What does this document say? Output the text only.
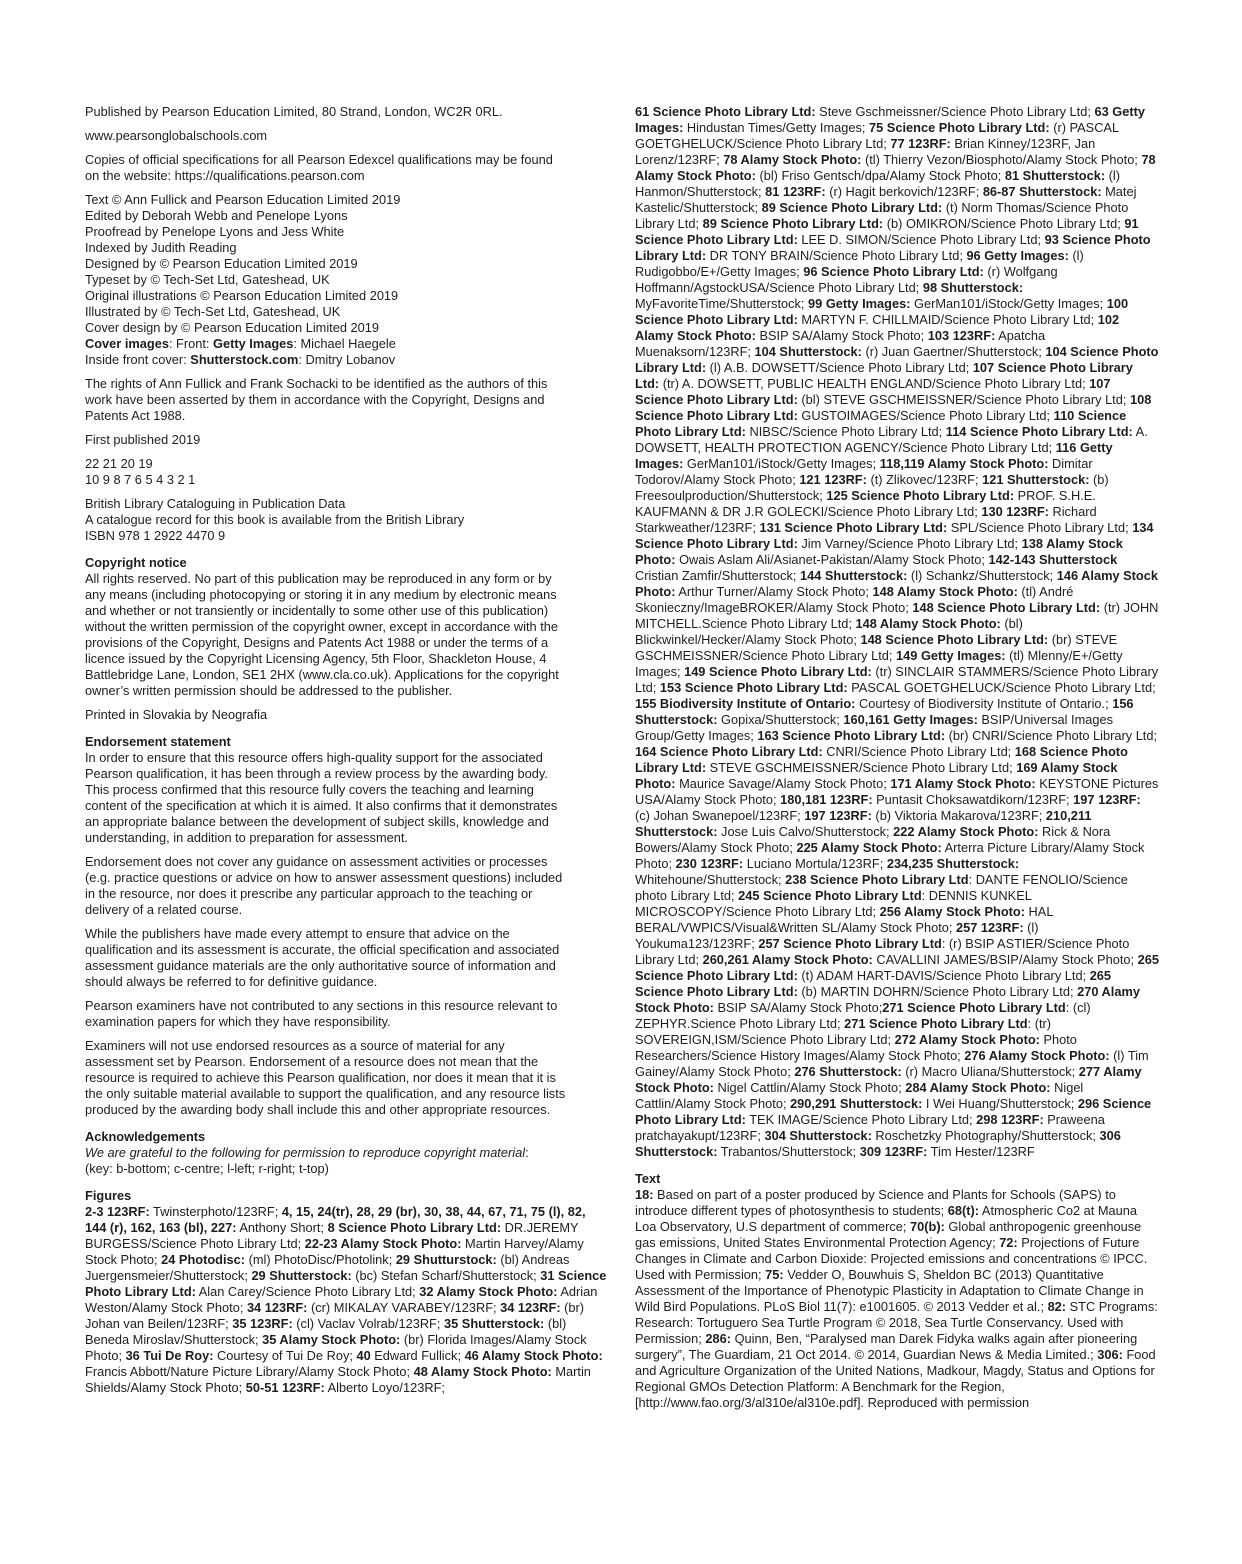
Published by Pearson Education Limited, 80 Strand, London, WC2R 0RL.

www.pearsonglobalschools.com

Copies of official specifications for all Pearson Edexcel qualifications may be found
on the website: https://qualifications.pearson.com
Text © Ann Fullick and Pearson Education Limited 2019
Edited by Deborah Webb and Penelope Lyons
Proofread by Penelope Lyons and Jess White
Indexed by Judith Reading
Designed by © Pearson Education Limited 2019
Typeset by © Tech-Set Ltd, Gateshead, UK
Original illustrations © Pearson Education Limited 2019
Illustrated by © Tech-Set Ltd, Gateshead, UK
Cover design by © Pearson Education Limited 2019
Cover images: Front: Getty Images: Michael Haegele
Inside front cover: Shutterstock.com: Dmitry Lobanov
The rights of Ann Fullick and Frank Sochacki to be identified as the authors of this
work have been asserted by them in accordance with the Copyright, Designs and
Patents Act 1988.

First published 2019

22 21 20 19
10 9 8 7 6 5 4 3 2 1
British Library Cataloguing in Publication Data
A catalogue record for this book is available from the British Library
ISBN 978 1 2922 4470 9
Copyright notice
All rights reserved. No part of this publication may be reproduced in any form or by
any means (including photocopying or storing it in any medium by electronic means
and whether or not transiently or incidentally to some other use of this publication)
without the written permission of the copyright owner, except in accordance with the
provisions of the Copyright, Designs and Patents Act 1988 or under the terms of a
licence issued by the Copyright Licensing Agency, 5th Floor, Shackleton House, 4
Battlebridge Lane, London, SE1 2HX (www.cla.co.uk). Applications for the copyright
owner’s written permission should be addressed to the publisher.

Printed in Slovakia by Neografia

Endorsement statement
In order to ensure that this resource offers high-quality support for the associated
Pearson qualification, it has been through a review process by the awarding body.
This process confirmed that this resource fully covers the teaching and learning
content of the specification at which it is aimed. It also confirms that it demonstrates
an appropriate balance between the development of subject skills, knowledge and
understanding, in addition to preparation for assessment.
Endorsement does not cover any guidance on assessment activities or processes
(e.g. practice questions or advice on how to answer assessment questions) included
in the resource, nor does it prescribe any particular approach to the teaching or
delivery of a related course.
While the publishers have made every attempt to ensure that advice on the
qualification and its assessment is accurate, the official specification and associated
assessment guidance materials are the only authoritative source of information and
should always be referred to for definitive guidance.
Pearson examiners have not contributed to any sections in this resource relevant to
examination papers for which they have responsibility.
Examiners will not use endorsed resources as a source of material for any
assessment set by Pearson. Endorsement of a resource does not mean that the
resource is required to achieve this Pearson qualification, nor does it mean that it is
the only suitable material available to support the qualification, and any resource lists
produced by the awarding body shall include this and other appropriate resources.
Acknowledgements
We are grateful to the following for permission to reproduce copyright material:
(key: b-bottom; c-centre; l-left; r-right; t-top)
Figures
2-3 123RF: Twinsterphoto/123RF; 4, 15, 24(tr), 28, 29 (br), 30, 38, 44, 67, 71, 75 (l), 82, 144 (r), 162, 163 (bl), 227: Anthony Short; 8 Science Photo Library Ltd: DR.JEREMY BURGESS/Science Photo Library Ltd; 22-23 Alamy Stock Photo: Martin Harvey/Alamy Stock Photo; 24 Photodisc: (ml) PhotoDisc/Photolink; 29 Shutturstock: (bl) Andreas Juergensmeier/Shutterstock; 29 Shutterstock: (bc) Stefan Scharf/Shutterstock; 31 Science Photo Library Ltd: Alan Carey/Science Photo Library Ltd; 32 Alamy Stock Photo: Adrian Weston/Alamy Stock Photo; 34 123RF: (cr) MIKALAY VARABEY/123RF; 34 123RF: (br) Johan van Beilen/123RF; 35 123RF: (cl) Vaclav Volrab/123RF; 35 Shutterstock: (bl) Beneda Miroslav/Shutterstock; 35 Alamy Stock Photo: (br) Florida Images/Alamy Stock Photo; 36 Tui De Roy: Courtesy of Tui De Roy; 40 Edward Fullick; 46 Alamy Stock Photo: Francis Abbott/Nature Picture Library/Alamy Stock Photo; 48 Alamy Stock Photo: Martin Shields/Alamy Stock Photo; 50-51 123RF: Alberto Loyo/123RF;
61 Science Photo Library Ltd: Steve Gschmeissner/Science Photo Library Ltd; 63 Getty Images: Hindustan Times/Getty Images; 75 Science Photo Library Ltd: (r) PASCAL GOETGHELUCK/Science Photo Library Ltd; 77 123RF: Brian Kinney/123RF, Jan Lorenz/123RF; 78 Alamy Stock Photo: (tl) Thierry Vezon/Biosphoto/Alamy Stock Photo; 78 Alamy Stock Photo: (bl) Friso Gentsch/dpa/Alamy Stock Photo; 81 Shutterstock: (l) Hanmon/Shutterstock; 81 123RF: (r) Hagit berkovich/123RF; 86-87 Shutterstock: Matej Kastelic/Shutterstock; 89 Science Photo Library Ltd: (t) Norm Thomas/Science Photo Library Ltd; 89 Science Photo Library Ltd: (b) OMIKRON/Science Photo Library Ltd; 91 Science Photo Library Ltd: LEE D. SIMON/Science Photo Library Ltd; 93 Science Photo Library Ltd: DR TONY BRAIN/Science Photo Library Ltd; 96 Getty Images: (l) Rudigobbo/E+/Getty Images; 96 Science Photo Library Ltd: (r) Wolfgang Hoffmann/AgstockUSA/Science Photo Library Ltd; 98 Shutterstock: MyFavoriteTime/Shutterstock; 99 Getty Images: GerMan101/iStock/Getty Images; 100 Science Photo Library Ltd: MARTYN F. CHILLMAID/Science Photo Library Ltd; 102 Alamy Stock Photo: BSIP SA/Alamy Stock Photo; 103 123RF: Apatcha Muenaksorn/123RF; 104 Shutterstock: (r) Juan Gaertner/Shutterstock; 104 Science Photo Library Ltd: (l) A.B. DOWSETT/Science Photo Library Ltd; 107 Science Photo Library Ltd: (tr) A. DOWSETT, PUBLIC HEALTH ENGLAND/Science Photo Library Ltd; 107 Science Photo Library Ltd: (bl) STEVE GSCHMEISSNER/Science Photo Library Ltd; 108 Science Photo Library Ltd: GUSTOIMAGES/Science Photo Library Ltd; 110 Science Photo Library Ltd: NIBSC/Science Photo Library Ltd; 114 Science Photo Library Ltd: A. DOWSETT, HEALTH PROTECTION AGENCY/Science Photo Library Ltd; 116 Getty Images: GerMan101/iStock/Getty Images; 118,119 Alamy Stock Photo: Dimitar Todorov/Alamy Stock Photo; 121 123RF: (t) Zlikovec/123RF; 121 Shutterstock: (b) Freesoulproduction/Shutterstock; 125 Science Photo Library Ltd: PROF. S.H.E. KAUFMANN & DR J.R GOLECKI/Science Photo Library Ltd; 130 123RF: Richard Starkweather/123RF; 131 Science Photo Library Ltd: SPL/Science Photo Library Ltd; 134 Science Photo Library Ltd: Jim Varney/Science Photo Library Ltd; 138 Alamy Stock Photo: Owais Aslam Ali/Asianet-Pakistan/Alamy Stock Photo; 142-143 Shutterstock Cristian Zamfir/Shutterstock; 144 Shutterstock: (l) Schankz/Shutterstock; 146 Alamy Stock Photo: Arthur Turner/Alamy Stock Photo; 148 Alamy Stock Photo: (tl) André Skonieczny/ImageBROKER/Alamy Stock Photo; 148 Science Photo Library Ltd: (tr) JOHN MITCHELL.Science Photo Library Ltd; 148 Alamy Stock Photo: (bl) Blickwinkel/Hecker/Alamy Stock Photo; 148 Science Photo Library Ltd: (br) STEVE GSCHMEISSNER/Science Photo Library Ltd; 149 Getty Images: (tl) Mlenny/E+/Getty Images; 149 Science Photo Library Ltd: (tr) SINCLAIR STAMMERS/Science Photo Library Ltd; 153 Science Photo Library Ltd: PASCAL GOETGHELUCK/Science Photo Library Ltd; 155 Biodiversity Institute of Ontario: Courtesy of Biodiversity Institute of Ontario.; 156 Shutterstock: Gopixa/Shutterstock; 160,161 Getty Images: BSIP/Universal Images Group/Getty Images; 163 Science Photo Library Ltd: (br) CNRI/Science Photo Library Ltd; 164 Science Photo Library Ltd: CNRI/Science Photo Library Ltd; 168 Science Photo Library Ltd: STEVE GSCHMEISSNER/Science Photo Library Ltd; 169 Alamy Stock Photo: Maurice Savage/Alamy Stock Photo; 171 Alamy Stock Photo: KEYSTONE Pictures USA/Alamy Stock Photo; 180,181 123RF: Puntasit Choksawatdikorn/123RF; 197 123RF: (c) Johan Swanepoel/123RF; 197 123RF: (b) Viktoria Makarova/123RF; 210,211 Shutterstock: Jose Luis Calvo/Shutterstock; 222 Alamy Stock Photo: Rick & Nora Bowers/Alamy Stock Photo; 225 Alamy Stock Photo: Arterra Picture Library/Alamy Stock Photo; 230 123RF: Luciano Mortula/123RF; 234,235 Shutterstock: Whitehoune/Shutterstock; 238 Science Photo Library Ltd: DANTE FENOLIO/Science photo Library Ltd; 245 Science Photo Library Ltd: DENNIS KUNKEL MICROSCOPY/Science Photo Library Ltd; 256 Alamy Stock Photo: HAL BERAL/VWPICS/Visual&Written SL/Alamy Stock Photo; 257 123RF: (l) Youkuma123/123RF; 257 Science Photo Library Ltd: (r) BSIP ASTIER/Science Photo Library Ltd; 260,261 Alamy Stock Photo: CAVALLINI JAMES/BSIP/Alamy Stock Photo; 265 Science Photo Library Ltd: (t) ADAM HART-DAVIS/Science Photo Library Ltd; 265 Science Photo Library Ltd: (b) MARTIN DOHRN/Science Photo Library Ltd; 270 Alamy Stock Photo: BSIP SA/Alamy Stock Photo;271 Science Photo Library Ltd: (cl) ZEPHYR.Science Photo Library Ltd; 271 Science Photo Library Ltd: (tr) SOVEREIGN,ISM/Science Photo Library Ltd; 272 Alamy Stock Photo: Photo Researchers/Science History Images/Alamy Stock Photo; 276 Alamy Stock Photo: (l) Tim Gainey/Alamy Stock Photo; 276 Shutterstock: (r) Macro Uliana/Shutterstock; 277 Alamy Stock Photo: Nigel Cattlin/Alamy Stock Photo; 284 Alamy Stock Photo: Nigel Cattlin/Alamy Stock Photo; 290,291 Shutterstock: I Wei Huang/Shutterstock; 296 Science Photo Library Ltd: TEK IMAGE/Science Photo Library Ltd; 298 123RF: Praweena pratchayakupt/123RF; 304 Shutterstock: Roschetzky Photography/Shutterstock; 306 Shutterstock: Trabantos/Shutterstock; 309 123RF: Tim Hester/123RF
Text
18: Based on part of a poster produced by Science and Plants for Schools (SAPS) to introduce different types of photosynthesis to students; 68(t): Atmospheric Co2 at Mauna Loa Observatory, U.S department of commerce; 70(b): Global anthropogenic greenhouse gas emissions, United States Environmental Protection Agency; 72: Projections of Future Changes in Climate and Carbon Dioxide: Projected emissions and concentrations © IPCC. Used with Permission; 75: Vedder O, Bouwhuis S, Sheldon BC (2013) Quantitative Assessment of the Importance of Phenotypic Plasticity in Adaptation to Climate Change in Wild Bird Populations. PLoS Biol 11(7): e1001605. © 2013 Vedder et al.; 82: STC Programs: Research: Tortuguero Sea Turtle Program © 2018, Sea Turtle Conservancy. Used with Permission; 286: Quinn, Ben, “Paralysed man Darek Fidyka walks again after pioneering surgery”, The Guardiam, 21 Oct 2014. © 2014, Guardian News & Media Limited.; 306: Food and Agriculture Organization of the United Nations, Madkour, Magdy, Status and Options for Regional GMOs Detection Platform: A Benchmark for the Region, [http://www.fao.org/3/al310e/al310e.pdf]. Reproduced with permission
